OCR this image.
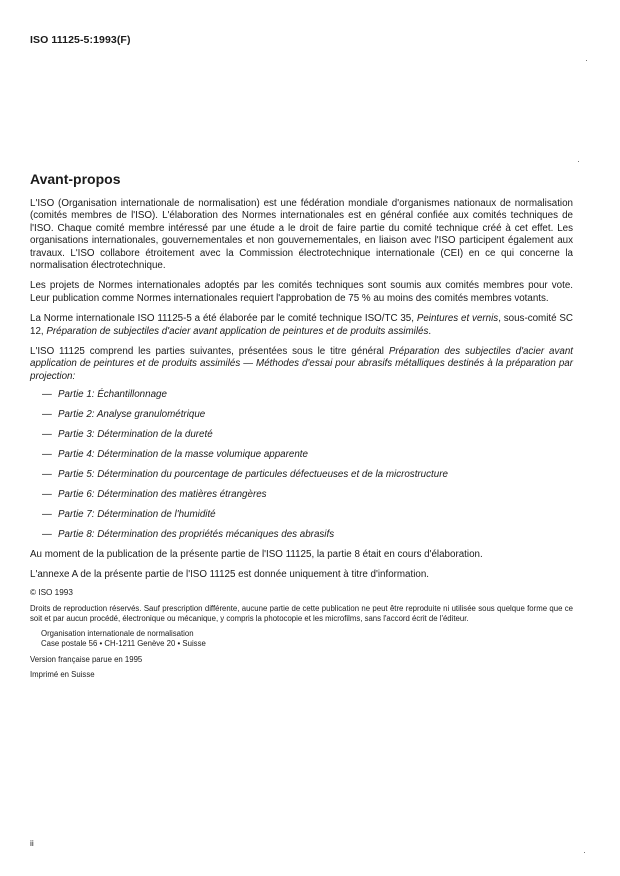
ISO 11125-5:1993(F)
Avant-propos

L'ISO (Organisation internationale de normalisation) est une fédération mondiale d'organismes nationaux de normalisation (comités membres de l'ISO). L'élaboration des Normes internationales est en général confiée aux comités techniques de l'ISO. Chaque comité membre intéressé par une étude a le droit de faire partie du comité technique créé à cet effet. Les organisations internationales, gouvernementales et non gouvernementales, en liaison avec l'ISO participent également aux travaux. L'ISO collabore étroitement avec la Commission électrotechnique internationale (CEI) en ce qui concerne la normalisation électrotechnique.

Les projets de Normes internationales adoptés par les comités techniques sont soumis aux comités membres pour vote. Leur publication comme Normes internationales requiert l'approbation de 75 % au moins des comités membres votants.

La Norme internationale ISO 11125-5 a été élaborée par le comité technique ISO/TC 35, Peintures et vernis, sous-comité SC 12, Préparation de subjectiles d'acier avant application de peintures et de produits assimilés.

L'ISO 11125 comprend les parties suivantes, présentées sous le titre général Préparation des subjectiles d'acier avant application de peintures et de produits assimilés — Méthodes d'essai pour abrasifs métalliques destinés à la préparation par projection:

— Partie 1: Échantillonnage
— Partie 2: Analyse granulométrique
— Partie 3: Détermination de la dureté
— Partie 4: Détermination de la masse volumique apparente
— Partie 5: Détermination du pourcentage de particules défectueuses et de la microstructure
— Partie 6: Détermination des matières étrangères
— Partie 7: Détermination de l'humidité
— Partie 8: Détermination des propriétés mécaniques des abrasifs

Au moment de la publication de la présente partie de l'ISO 11125, la partie 8 était en cours d'élaboration.

L'annexe A de la présente partie de l'ISO 11125 est donnée uniquement à titre d'information.

© ISO 1993

Droits de reproduction réservés. Sauf prescription différente, aucune partie de cette publication ne peut être reproduite ni utilisée sous quelque forme que ce soit et par aucun procédé, électronique ou mécanique, y compris la photocopie et les microfilms, sans l'accord écrit de l'éditeur.

Organisation internationale de normalisation
Case postale 56 • CH-1211 Genève 20 • Suisse

Version française parue en 1995

Imprimé en Suisse

ii
